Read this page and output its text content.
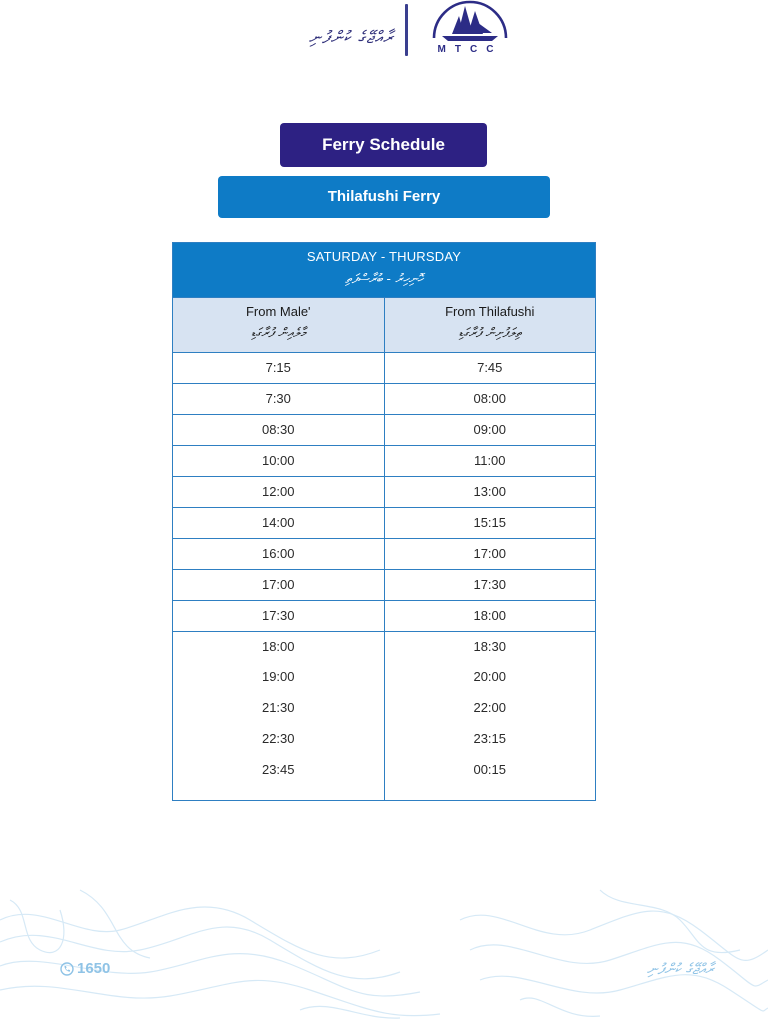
ރާއްޖޭގެ ކުންފުނި
MTCC
Ferry Schedule
Thilafushi Ferry
SATURDAY - THURSDAY
ހޮނިހިރު - ބުރާސްފަތި
From Male'
މާލެއިން ފުރާގަޑި
From Thilafushi
ތިލަފުށިން ފުރާގަޑި
7:15	7:45
7:30	08:00
08:30	09:00
10:00	11:00
12:00	13:00
14:00	15:15
16:00	17:00
17:00	17:30
17:30	18:00
18:00	18:30
19:00	20:00
21:30	22:00
22:30	23:15
23:45	00:15
1650	ރާއްޖޭގެ ކުންފުނި
